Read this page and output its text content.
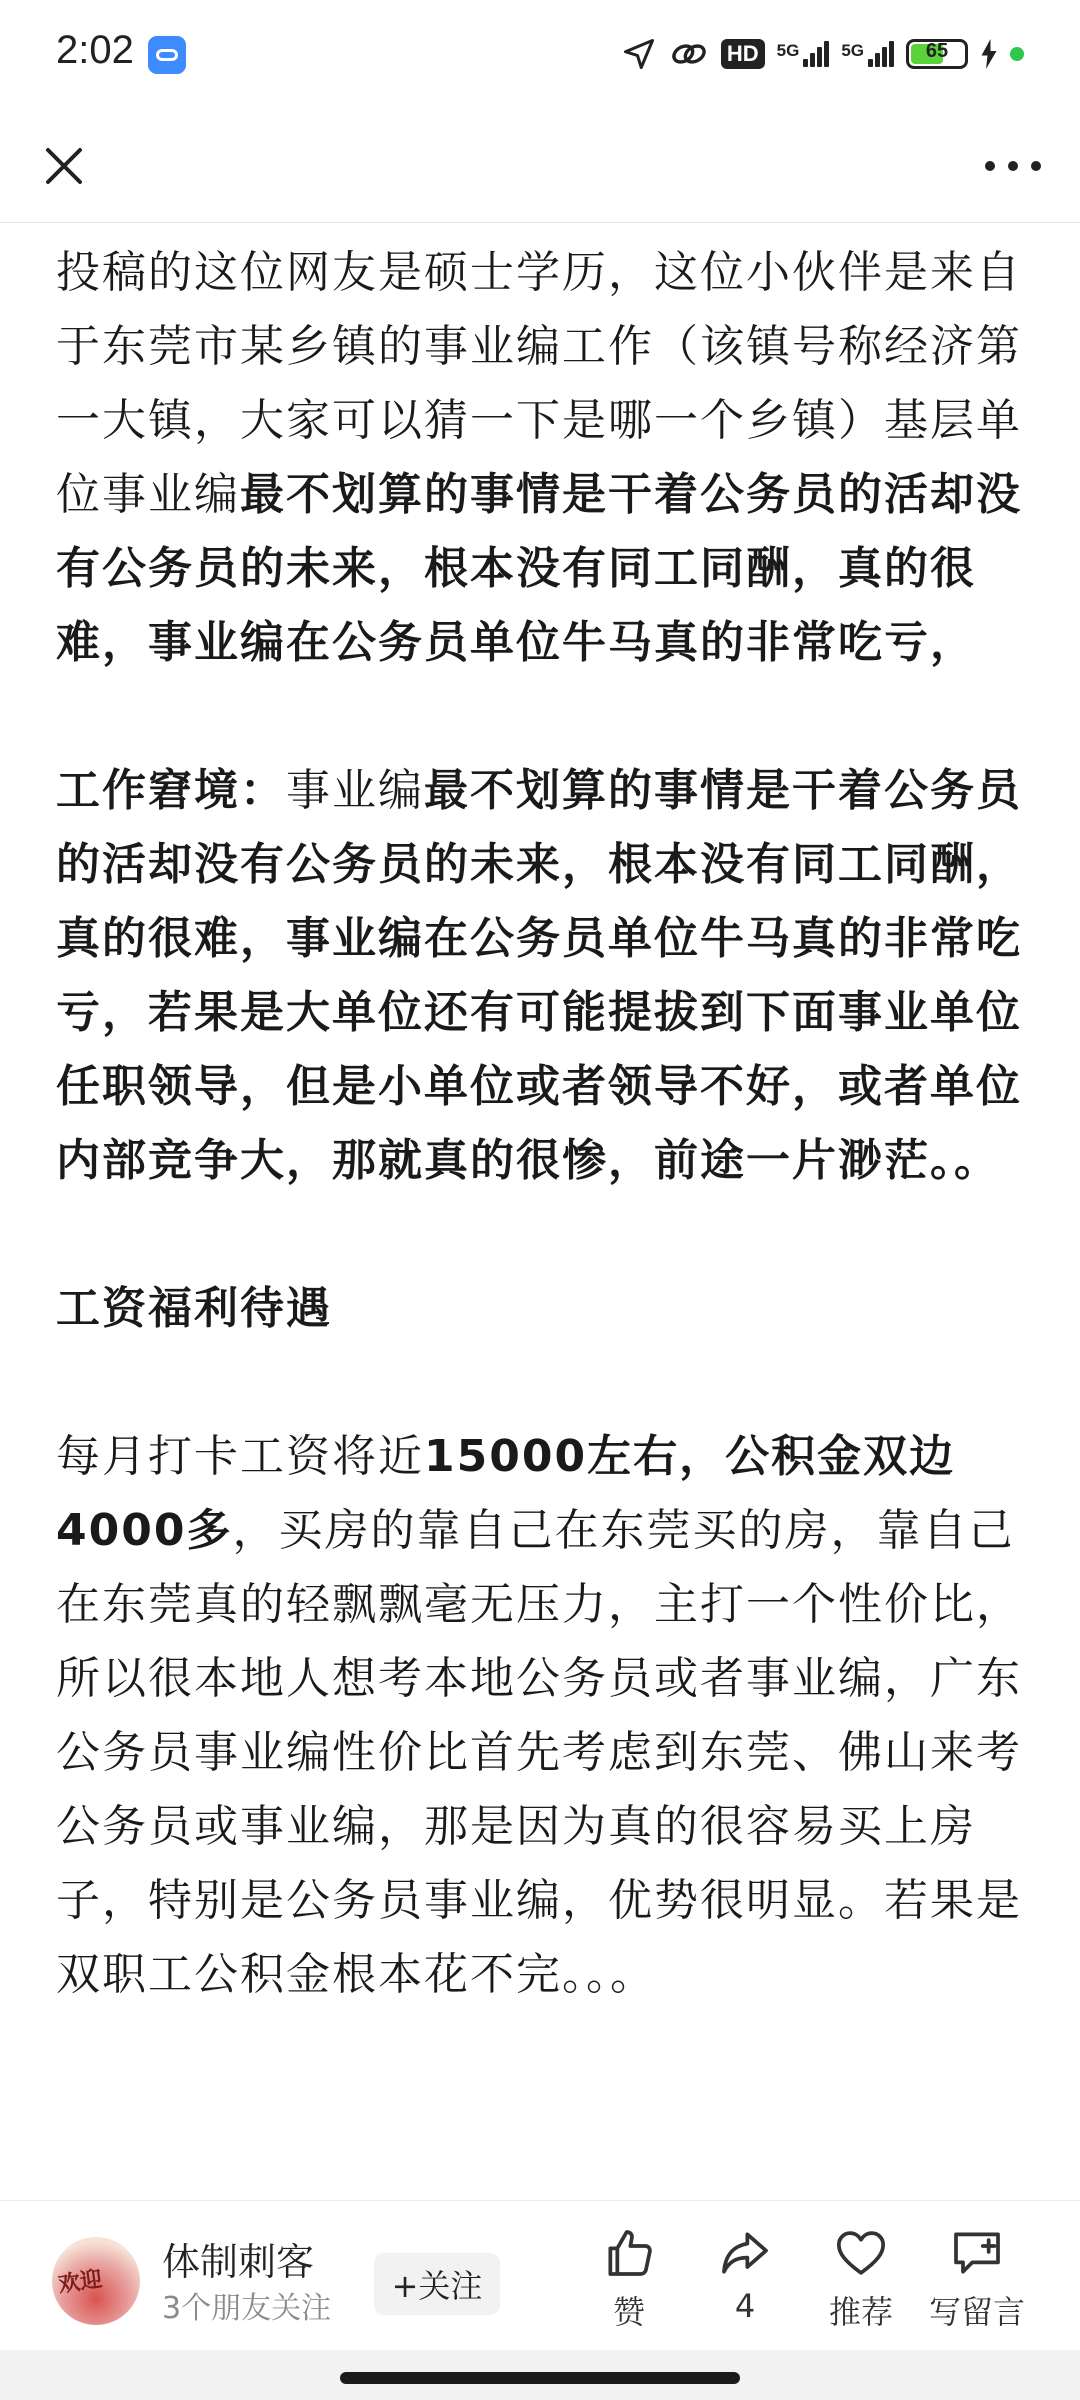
2:02	HD	5G 5G	65

投稿的这位网友是硕士学历，这位小伙伴是来自于东莞市某乡镇的事业编工作（该镇号称经济第一大镇，大家可以猜一下是哪一个乡镇）基层单位事业编最不划算的事情是干着公务员的活却没有公务员的未来，根本没有同工同酬，真的很难，事业编在公务员单位牛马真的非常吃亏，

工作窘境：事业编最不划算的事情是干着公务员的活却没有公务员的未来，根本没有同工同酬，真的很难，事业编在公务员单位牛马真的非常吃亏，若果是大单位还有可能提拔到下面事业单位任职领导，但是小单位或者领导不好，或者单位内部竞争大，那就真的很惨，前途一片渺茫。。

工资福利待遇

每月打卡工资将近15000左右，公积金双边4000多，买房的靠自己在东莞买的房，靠自己在东莞真的轻飘飘毫无压力，主打一个性价比，所以很本地人想考本地公务员或者事业编，广东公务员事业编性价比首先考虑到东莞、佛山来考公务员或事业编，那是因为真的很容易买上房子，特别是公务员事业编，优势很明显。若果是双职工公积金根本花不完。。。

欢迎 体制刺客
3个朋友关注
+关注
赞	4 推荐 写留言
